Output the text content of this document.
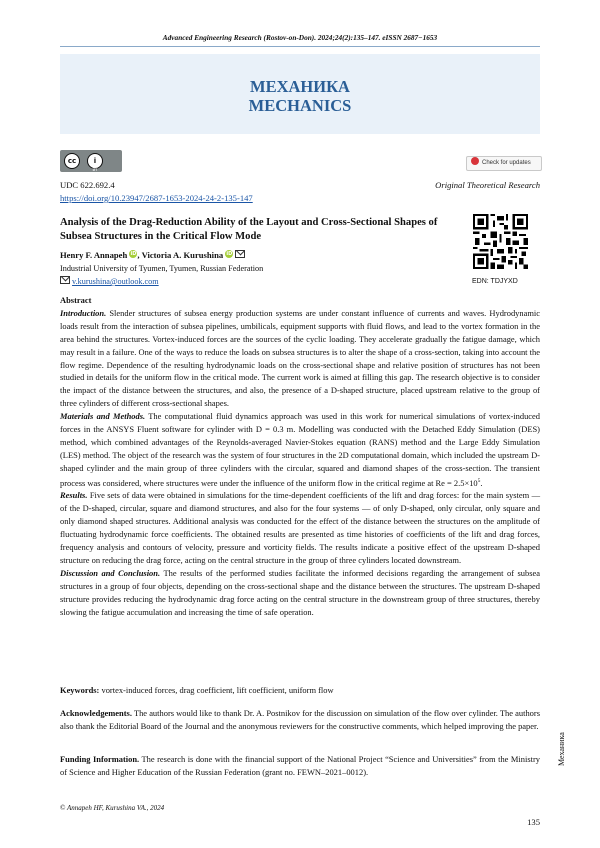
Advanced Engineering Research (Rostov-on-Don). 2024;24(2):135–147. eISSN 2687−1653
МЕХАНИКА
MECHANICS
cc	i
BY
Check for updates
UDC 622.692.4	Original Theoretical Research
https://doi.org/10.23947/2687-1653-2024-24-2-135-147
Analysis of the Drag-Reduction Ability of the Layout and Cross-Sectional Shapes of Subsea Structures in the Critical Flow Mode
Henry F. Annapeh iD, Victoria A. Kurushina iD
Industrial University of Tyumen, Tyumen, Russian Federation
v.kurushina@outlook.com	EDN: TDJYXD

Abstract

Introduction. Slender structures of subsea energy production systems are under constant influence of currents and waves. Hydrodynamic loads result from the interaction of subsea pipelines, umbilicals, equipment supports with fluid flows, and lead to the vortex formation in the area behind the structures. Vortex-induced forces are the sources of the cyclic loading. They accelerate gradually the fatigue damage, which may result in a failure. One of the ways to reduce the loads on subsea structures is to alter the shape of a cross-section, taking into account the flow regime. Dependence of the resulting hydrodynamic loads on the cross-sectional shape and relative position of structures has not been studied in details for the uniform flow in the critical mode. The current work is aimed at filling this gap. The research objective is to consider the impact of the distance between the structures, and also, the presence of a D-shaped structure, placed upstream relative to the group of three cylinders of different cross-sectional shapes.

Materials and Methods. The computational fluid dynamics approach was used in this work for numerical simulations of vortex-induced forces in the ANSYS Fluent software for cylinder with D = 0.3 m. Modelling was conducted with the Detached Eddy Simulation (DES) method, which combined advantages of the Reynolds-averaged Navier-Stokes equation (RANS) method and the Large Eddy Simulation (LES) method. The object of the research was the system of four structures in the 2D computational domain, which included the upstream D-shaped cylinder and the main group of three cylinders with the circular, squared and diamond shapes of the cross-section. The transient process was considered, where structures were under the influence of the uniform flow in the critical regime at $Re = 2.5\times 10^5$.

Results. Five sets of data were obtained in simulations for the time-dependent coefficients of the lift and drag forces: for the main system — of the D-shaped, circular, square and diamond structures, and also for the four systems — of only D-shaped, only circular, only square and only diamond shaped structures. Additional analysis was conducted for the effect of the distance between the structures on the amplitude of fluctuating hydrodynamic force coefficients. The obtained results are presented as time histories of coefficients of the lift and drag forces, frequency analysis and contours of velocity, pressure and vorticity fields. The results indicate a positive effect of the upstream D-shaped structure on reducing the drag force, acting on the central structure in the group of three cylinders located downstream.

Discussion and Conclusion. The results of the performed studies facilitate the informed decisions regarding the arrangement of subsea structures in a group of four objects, depending on the cross-sectional shape and the distance between the structures. The upstream D-shaped structure provides reducing the hydrodynamic drag force acting on the central structure in the downstream group of three structures, thereby slowing the fatigue accumulation and increasing the time of safe operation.

Keywords: vortex-induced forces, drag coefficient, lift coefficient, uniform flow
Acknowledgements. The authors would like to thank Dr. A. Postnikov for the discussion on simulation of the flow over cylinder. The authors also thank the Editorial Board of the Journal and the anonymous reviewers for the constructive comments, which helped improving the paper.
Funding Information. The research is done with the financial support of the National Project “Science and Universities” from the Ministry of Science and Higher Education of the Russian Federation (grant no. FEWN–2021–0012).
Механика
© Annapeh HF, Kurushina VA., 2024
135
